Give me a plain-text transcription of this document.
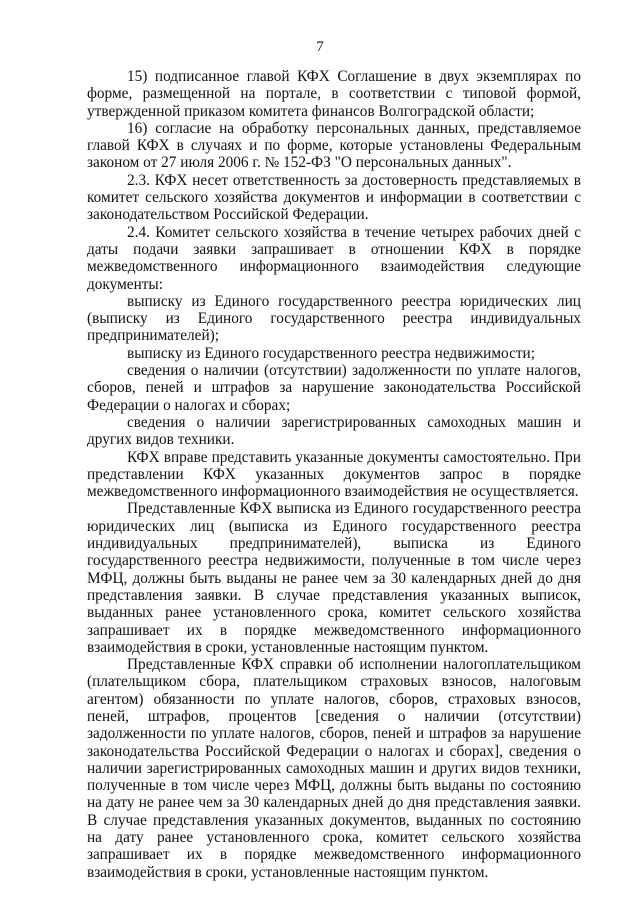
7

15) подписанное главой КФХ Соглашение в двух экземплярах по форме, размещенной на портале, в соответствии с типовой формой, утвержденной приказом комитета финансов Волгоградской области;

16) согласие на обработку персональных данных, представляемое главой КФХ в случаях и по форме, которые установлены Федеральным законом от 27 июля 2006 г. № 152-ФЗ "О персональных данных".

2.3. КФХ несет ответственность за достоверность представляемых в комитет сельского хозяйства документов и информации в соответствии с законодательством Российской Федерации.

2.4. Комитет сельского хозяйства в течение четырех рабочих дней с даты подачи заявки запрашивает в отношении КФХ в порядке межведомственного информационного взаимодействия следующие документы:

выписку из Единого государственного реестра юридических лиц (выписку из Единого государственного реестра индивидуальных предпринимателей);

выписку из Единого государственного реестра недвижимости;

сведения о наличии (отсутствии) задолженности по уплате налогов, сборов, пеней и штрафов за нарушение законодательства Российской Федерации о налогах и сборах;

сведения о наличии зарегистрированных самоходных машин и других видов техники.

КФХ вправе представить указанные документы самостоятельно. При представлении КФХ указанных документов запрос в порядке межведомственного информационного взаимодействия не осуществляется.

Представленные КФХ выписка из Единого государственного реестра юридических лиц (выписка из Единого государственного реестра индивидуальных предпринимателей), выписка из Единого государственного реестра недвижимости, полученные в том числе через МФЦ, должны быть выданы не ранее чем за 30 календарных дней до дня представления заявки. В случае представления указанных выписок, выданных ранее установленного срока, комитет сельского хозяйства запрашивает их в порядке межведомственного информационного взаимодействия в сроки, установленные настоящим пунктом.

Представленные КФХ справки об исполнении налогоплательщиком (плательщиком сбора, плательщиком страховых взносов, налоговым агентом) обязанности по уплате налогов, сборов, страховых взносов, пеней, штрафов, процентов [сведения о наличии (отсутствии) задолженности по уплате налогов, сборов, пеней и штрафов за нарушение законодательства Российской Федерации о налогах и сборах], сведения о наличии зарегистрированных самоходных машин и других видов техники, полученные в том числе через МФЦ, должны быть выданы по состоянию на дату не ранее чем за 30 календарных дней до дня представления заявки. В случае представления указанных документов, выданных по состоянию на дату ранее установленного срока, комитет сельского хозяйства запрашивает их в порядке межведомственного информационного взаимодействия в сроки, установленные настоящим пунктом.
